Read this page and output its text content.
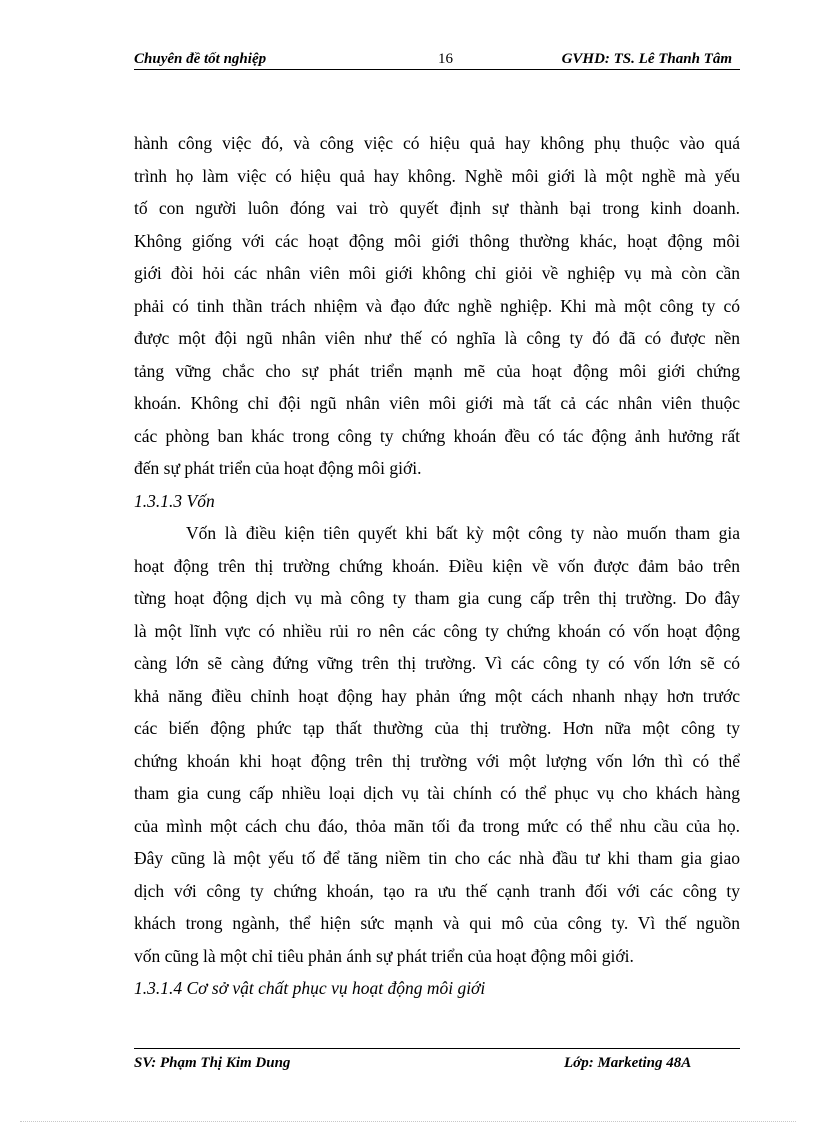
Chuyên đề tốt nghiệp	16	GVHD: TS. Lê Thanh Tâm
hành công việc đó, và công việc có hiệu quả hay không phụ thuộc vào quá
trình họ làm việc có hiệu quả hay không. Nghề môi giới là một nghề mà yếu
tố con người luôn đóng vai trò quyết định sự thành bại trong kinh doanh.
Không giống với các hoạt động môi giới thông thường khác, hoạt động môi
giới đòi hỏi các nhân viên môi giới không chỉ giỏi về nghiệp vụ mà còn cần
phải có tinh thần trách nhiệm và đạo đức nghề nghiệp. Khi mà một công ty có
được một đội ngũ nhân viên như thế có nghĩa là công ty đó đã có được nền
tảng vững chắc cho sự phát triển mạnh mẽ của hoạt động môi giới chứng
khoán. Không chỉ đội ngũ nhân viên môi giới mà tất cả các nhân viên thuộc
các phòng ban khác trong công ty chứng khoán đều có tác động ảnh hưởng rất
đến sự phát triển của hoạt động môi giới.
1.3.1.3 Vốn
Vốn là điều kiện tiên quyết khi bất kỳ một công ty nào muốn tham gia
hoạt động trên thị trường chứng khoán. Điều kiện về vốn được đảm bảo trên
từng hoạt động dịch vụ mà công ty tham gia cung cấp trên thị trường. Do đây
là một lĩnh vực có nhiều rủi ro nên các công ty chứng khoán có vốn hoạt động
càng lớn sẽ càng đứng vững trên thị trường. Vì các công ty có vốn lớn sẽ có
khả năng điều chỉnh hoạt động hay phản ứng một cách nhanh nhạy hơn trước
các biến động phức tạp thất thường của thị trường. Hơn nữa một công ty
chứng khoán khi hoạt động trên thị trường với một lượng vốn lớn thì có thể
tham gia cung cấp nhiều loại dịch vụ tài chính có thể phục vụ cho khách hàng
của mình một cách chu đáo, thỏa mãn tối đa trong mức có thể nhu cầu của họ.
Đây cũng là một yếu tố để tăng niềm tin cho các nhà đầu tư khi tham gia giao
dịch với công ty chứng khoán, tạo ra ưu thế cạnh tranh đối với các công ty
khách trong ngành, thể hiện sức mạnh và qui mô của công ty. Vì thế nguồn
vốn cũng là một chỉ tiêu phản ánh sự phát triển của hoạt động môi giới.
1.3.1.4 Cơ sở vật chất phục vụ hoạt động môi giới
SV: Phạm Thị Kim Dung	Lớp: Marketing 48A
